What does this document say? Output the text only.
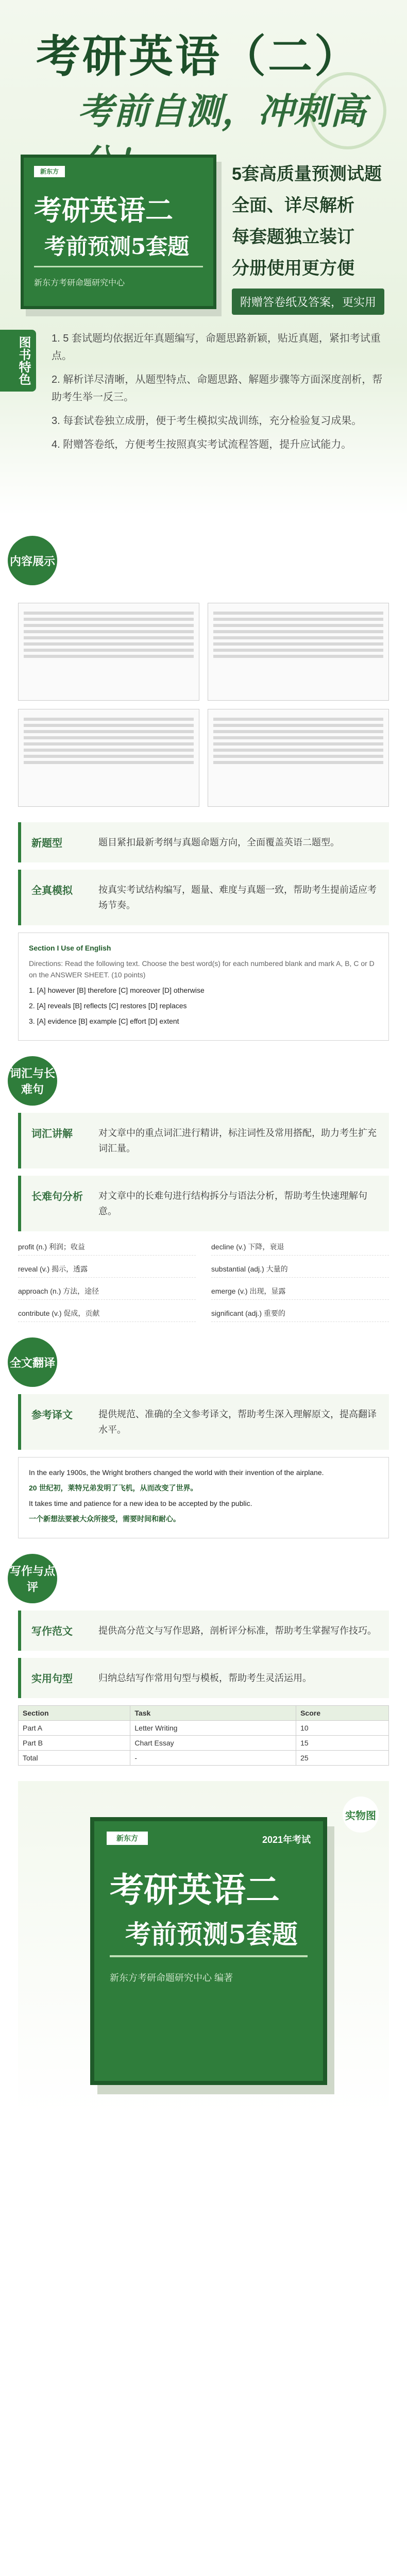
考研英语（二）
考前自测，冲刺高
新东方
考研英语二
考前预测5套题
新东方考研命题研究中心
5套高质量预测试题
全面、详尽解析
每套题独立装订
分册使用更方便
附赠答卷纸及答案，更实用
图书特色	1. 5 套试题均依据近年真题编写，命题思路新颖，贴近真题，紧扣考试重点。
2. 解析详尽清晰，从题型特点、命题思路、解题步骤等方面深度剖析，帮助考生举一反三。
3. 每套试卷独立成册，便于考生模拟实战训练，充分检验复习成果。
4. 附赠答卷纸，方便考生按照真实考试流程答题，提升应试能力。
内容展示
新题型	题目紧扣最新考纲与真题命题方向，全面覆盖英语二题型。
全真模拟	按真实考试结构编写，题量、难度与真题一致，帮助考生提前适应考场节奏。
Section I Use of English
Directions: Read the following text. Choose the best word(s) for each numbered blank and mark A, B, C or D on the ANSWER SHEET. (10 points)
1. [A] however [B] therefore [C] moreover [D] otherwise
2. [A] reveals [B] reflects [C] restores [D] replaces
3. [A] evidence [B] example [C] effort [D] extent
词汇与长难句
词汇讲解	对文章中的重点词汇进行精讲，标注词性及常用搭配，助力考生扩充词汇量。
长难句分析	对文章中的长难句进行结构拆分与语法分析，帮助考生快速理解句意。
profit (n.) 利润；收益	decline (v.) 下降，衰退
reveal (v.) 揭示，透露	substantial (adj.) 大量的
approach (n.) 方法，途径	emerge (v.) 出现，显露
contribute (v.) 促成，贡献	significant (adj.) 重要的
全文翻译
参考译文	提供规范、准确的全文参考译文，帮助考生深入理解原文，提高翻译水平。
In the early 1900s, the Wright brothers changed the world with their invention of the airplane.
20 世纪初，莱特兄弟发明了飞机，从而改变了世界。
It takes time and patience for a new idea to be accepted by the public.
一个新想法要被大众所接受，需要时间和耐心。
写作与点评
写作范文	提供高分范文与写作思路，剖析评分标准，帮助考生掌握写作技巧。
实用句型	归纳总结写作常用句型与模板，帮助考生灵活运用。
Section	Task	Score
Part A	Letter Writing	10
Part B	Chart Essay	15
Total	-	25
实物图
新东方	2021年考试
考研英语二
考前预测5套题
新东方考研命题研究中心 编著
